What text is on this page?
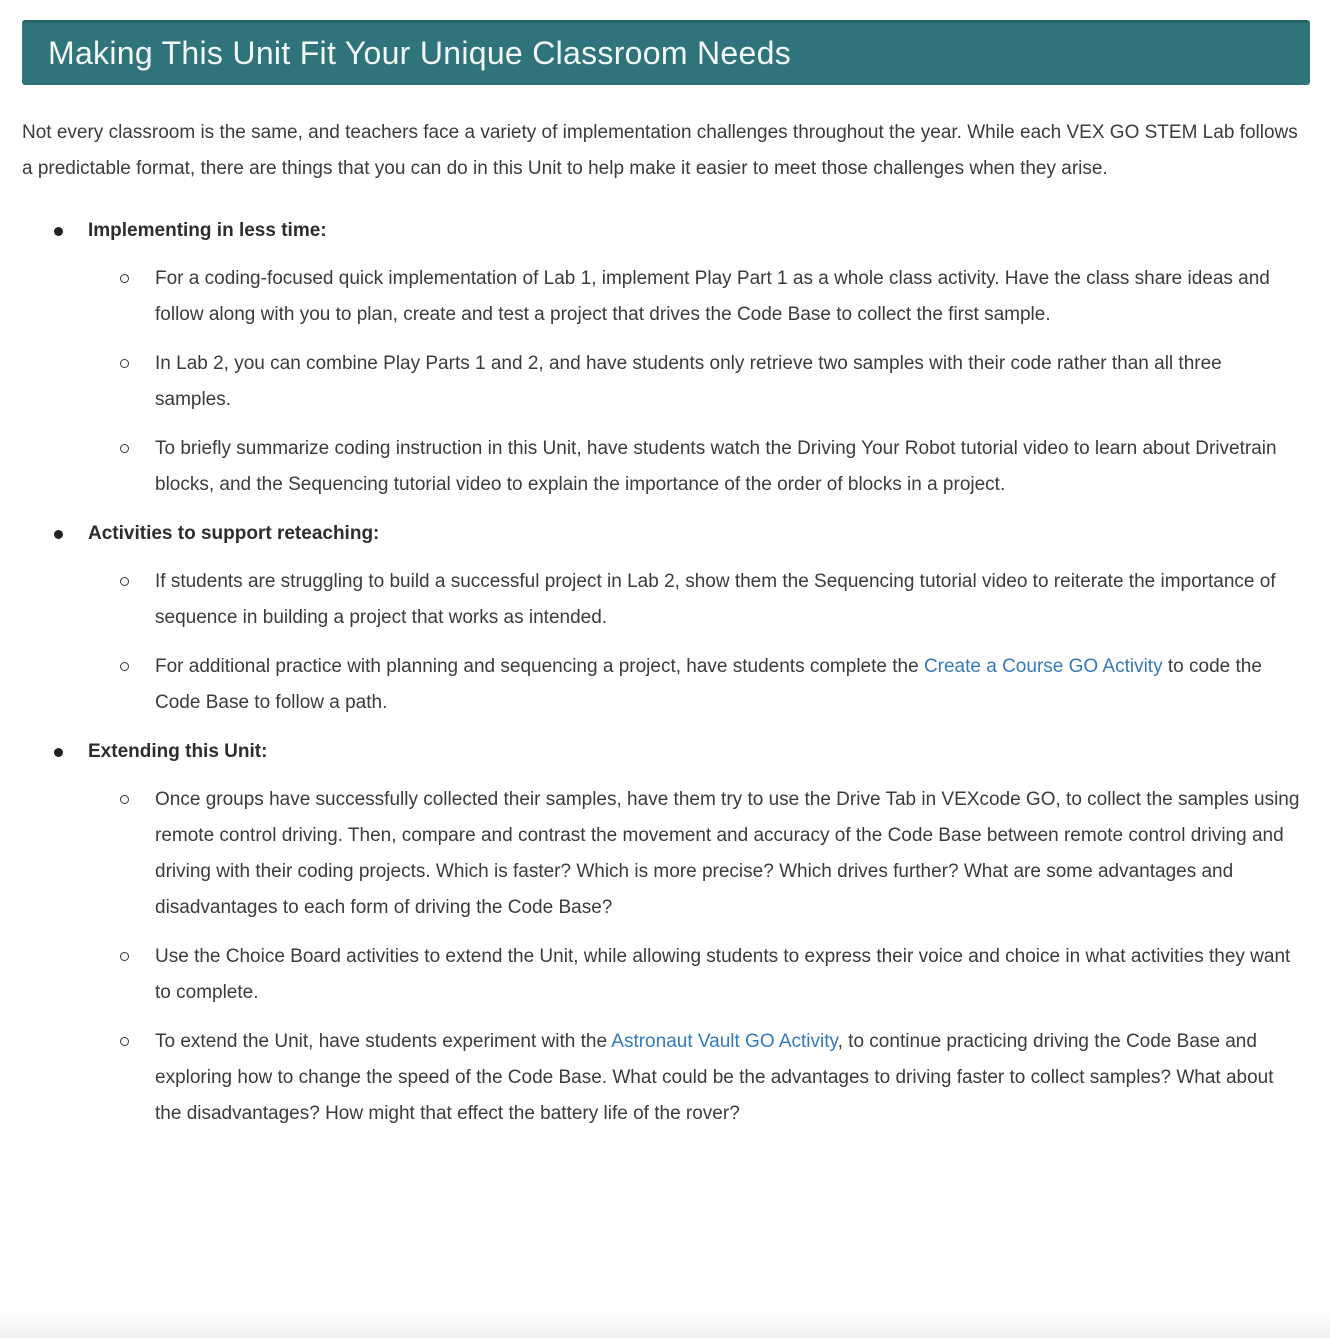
Making This Unit Fit Your Unique Classroom Needs

Not every classroom is the same, and teachers face a variety of implementation challenges throughout the year. While each VEX GO STEM Lab follows a predictable format, there are things that you can do in this Unit to help make it easier to meet those challenges when they arise.

Implementing in less time:
For a coding-focused quick implementation of Lab 1, implement Play Part 1 as a whole class activity. Have the class share ideas and follow along with you to plan, create and test a project that drives the Code Base to collect the first sample.
In Lab 2, you can combine Play Parts 1 and 2, and have students only retrieve two samples with their code rather than all three samples.
To briefly summarize coding instruction in this Unit, have students watch the Driving Your Robot tutorial video to learn about Drivetrain blocks, and the Sequencing tutorial video to explain the importance of the order of blocks in a project.
Activities to support reteaching:
If students are struggling to build a successful project in Lab 2, show them the Sequencing tutorial video to reiterate the importance of sequence in building a project that works as intended.
For additional practice with planning and sequencing a project, have students complete the Create a Course GO Activity to code the Code Base to follow a path.
Extending this Unit:
Once groups have successfully collected their samples, have them try to use the Drive Tab in VEXcode GO, to collect the samples using remote control driving. Then, compare and contrast the movement and accuracy of the Code Base between remote control driving and driving with their coding projects. Which is faster? Which is more precise? Which drives further? What are some advantages and disadvantages to each form of driving the Code Base?
Use the Choice Board activities to extend the Unit, while allowing students to express their voice and choice in what activities they want to complete.
To extend the Unit, have students experiment with the Astronaut Vault GO Activity, to continue practicing driving the Code Base and exploring how to change the speed of the Code Base. What could be the advantages to driving faster to collect samples? What about the disadvantages? How might that effect the battery life of the rover?
